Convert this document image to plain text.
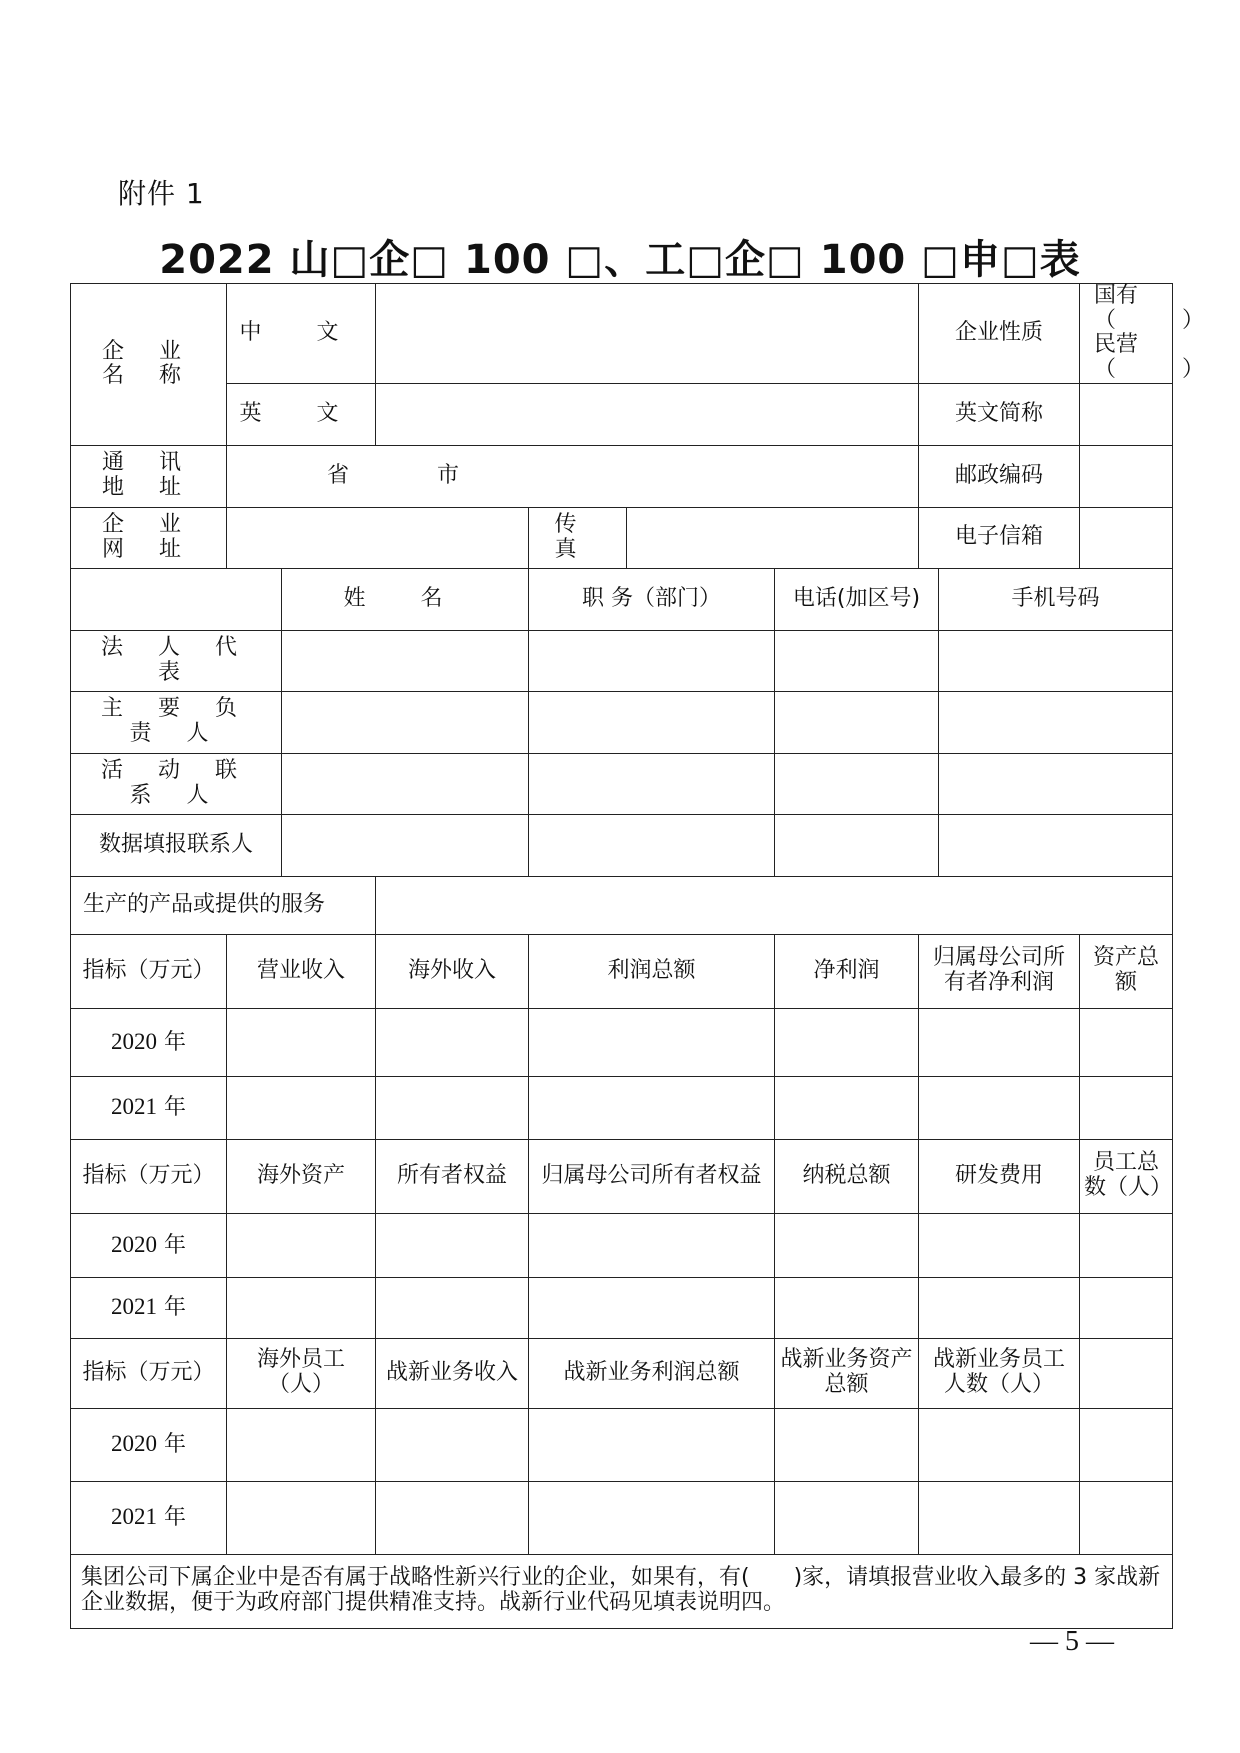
附件 1
2022 山□企□ 100 □、工□企□ 100 □申□表
企 业 名 称	中 文						企业性质		国有（　　　）
民营（　　　）

	英 文						英文简称		
通 讯 地 址	省 市						邮政编码		
企 业 网 址				传 真			电子信箱		
		姓 名		职 务（部门）		电话(加区号)		手机号码	
法 人 代 表									
主 要 负 责 人									
活 动 联 系 人									
数据填报联系人									
生产的产品或提供的服务									
指标（万元）	营业收入		海外收入	利润总额		净利润	归属母公司所有者净利润		资产总额
2020 年									
2021 年									
指标（万元）	海外资产		所有者权益	归属母公司所有者权益		纳税总额	研发费用		员工总数（人）
2020 年									
2021 年									
指标（万元）	海外员工（人）		战新业务收入	战新业务利润总额		战新业务资产总额	战新业务员工人数（人）		
2020 年									
2021 年									
集团公司下属企业中是否有属于战略性新兴行业的企业，如果有，有(　　)家，请填报营业收入最多的 3 家战新企业数据，便于为政府部门提供精准支持。战新行业代码见填表说明四。									
— 5 —
